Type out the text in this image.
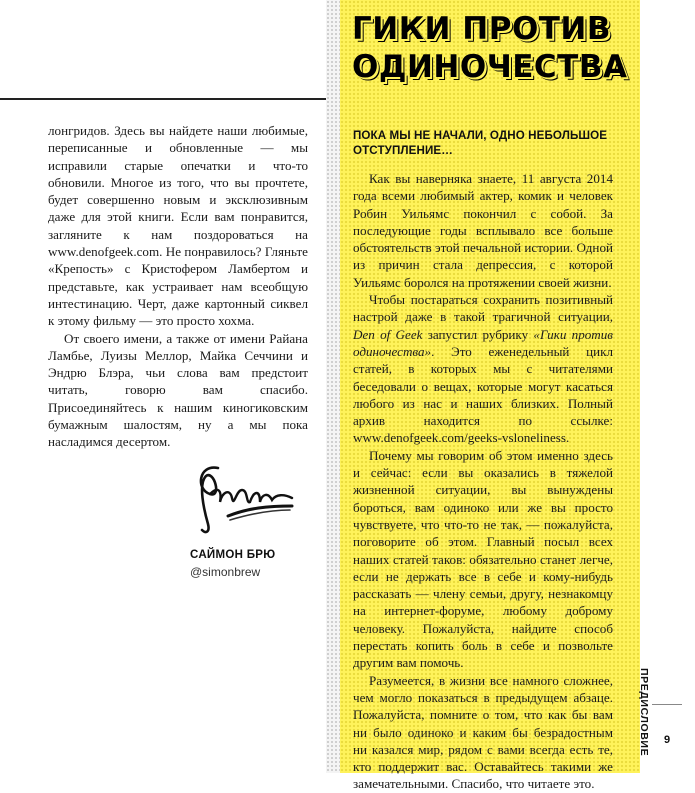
лонгридов. Здесь вы найдете наши любимые, переписанные и обновленные — мы исправили старые опечатки и что-то обновили. Многое из того, что вы прочтете, будет совершенно новым и эксклюзивным даже для этой книги. Если вам понравится, загляните к нам поздороваться на www.denofgeek.com. Не понравилось? Гляньте «Крепость» с Кристофером Ламбертом и представьте, как устраивает нам всеобщую интестинацию. Черт, даже картонный сиквел к этому фильму — это просто хохма.

От своего имени, а также от имени Райана Ламбье, Луизы Меллор, Майка Сеччини и Эндрю Блэра, чьи слова вам предстоит читать, говорю вам спасибо. Присоединяйтесь к нашим киногиковским бумажным шалостям, ну а мы пока насладимся десертом.

САЙМОН БРЮ
@simonbrew
ГИКИ ПРОТИВ
ОДИНОЧЕСТВА
ПОКА МЫ НЕ НАЧАЛИ, ОДНО НЕБОЛЬШОЕ ОТСТУПЛЕНИЕ…

Как вы наверняка знаете, 11 августа 2014 года всеми любимый актер, комик и человек Робин Уильямс покончил с собой. За последующие годы всплывало все больше обстоятельств этой печальной истории. Одной из причин стала депрессия, с которой Уильямс боролся на протяжении своей жизни.

Чтобы постараться сохранить позитивный настрой даже в такой трагичной ситуации, Den of Geek запустил рубрику «Гики против одиночества». Это еженедельный цикл статей, в которых мы с читателями беседовали о вещах, которые могут касаться любого из нас и наших близких. Полный архив находится по ссылке: www.denofgeek.com/geeks-vsloneliness.

Почему мы говорим об этом именно здесь и сейчас: если вы оказались в тяжелой жизненной ситуации, вы вынуждены бороться, вам одиноко или же вы просто чувствуете, что что-то не так, — пожалуйста, поговорите об этом. Главный посыл всех наших статей таков: обязательно станет легче, если не держать все в себе и кому-нибудь рассказать — члену семьи, другу, незнакомцу на интернет-форуме, любому доброму человеку. Пожалуйста, найдите способ перестать копить боль в себе и позвольте другим вам помочь.

Разумеется, в жизни все намного сложнее, чем могло показаться в предыдущем абзаце. Пожалуйста, помните о том, что как бы вам ни было одиноко и каким бы безрадостным ни казался мир, рядом с вами всегда есть те, кто поддержит вас. Оставайтесь такими же замечательными. Спасибо, что читаете это.

ПРЕДИСЛОВИЕ	9
